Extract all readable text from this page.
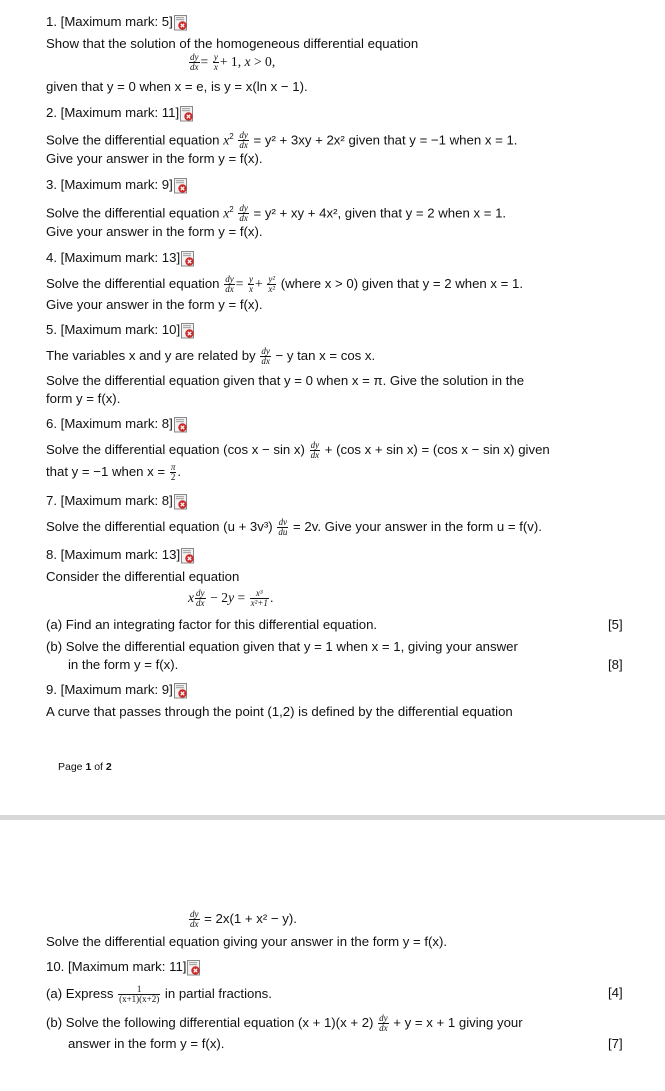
1. [Maximum mark: 5]
Show that the solution of the homogeneous differential equation
$\frac{dy}{dx} = \frac{y}{x} + 1$, x > 0,
given that y = 0 when x = e, is y = x(ln x − 1).
2. [Maximum mark: 11]
Solve the differential equation $x^2 \frac{dy}{dx} = y^2 + 3xy + 2x^2$ given that y = −1 when x = 1.
Give your answer in the form y = f(x).
3. [Maximum mark: 9]
Solve the differential equation $x^2 \frac{dy}{dx} = y^2$ + xy + 4x², given that y = 2 when x = 1.
Give your answer in the form y = f(x).
4. [Maximum mark: 13]
Solve the differential equation $\frac{dy}{dx} = \frac{y}{x} + \frac{\text{y²}}{\text{x²}}$ (where x > 0) given that y = 2 when x = 1.
Give your answer in the form y = f(x).
5. [Maximum mark: 10]
The variables x and y are related by $\frac{dy}{dx} - y$ tan x = cos x.
Solve the differential equation given that y = 0 when x = π. Give the solution in the
form y = f(x).
6. [Maximum mark: 8]
Solve the differential equation (cos $x - \sin x) \frac{dy}{dx} + (\cos$ x + sin x) = (cos x − sin x) given
that y = −1 when $x = \frac{\pi}{2}$ .
7. [Maximum mark: 8]
Solve the differential equation $(u + 3v^3) \frac{dv}{du} = 2v$. Give your answer in the form u = f(v).
8. [Maximum mark: 13]
Consider the differential equation
x $\frac{dy}{dx} - 2y = \frac{\text{x³}}{\text{x²+1}}$ .
(a) Find an integrating factor for this differential equation.	[5]
(b) Solve the differential equation given that y = 1 when x = 1, giving your answer
in the form y = f(x).	[8]
9. [Maximum mark: 9]
A curve that passes through the point (1,2) is defined by the differential equation
Page 1 of 2
$\frac{dy}{dx} = 2x(1 + x^2 - y)$.
Solve the differential equation giving your answer in the form y = f(x).
10. [Maximum mark: 11]
(a) Express $\frac{1}{(x+1)(x+2)}$ in partial fractions.	[4]
(b) Solve the following differential equation $(x + 1)(x + 2) \frac{dy}{dx} + y = x + 1$ giving your
answer in the form y = f(x).	[7]
